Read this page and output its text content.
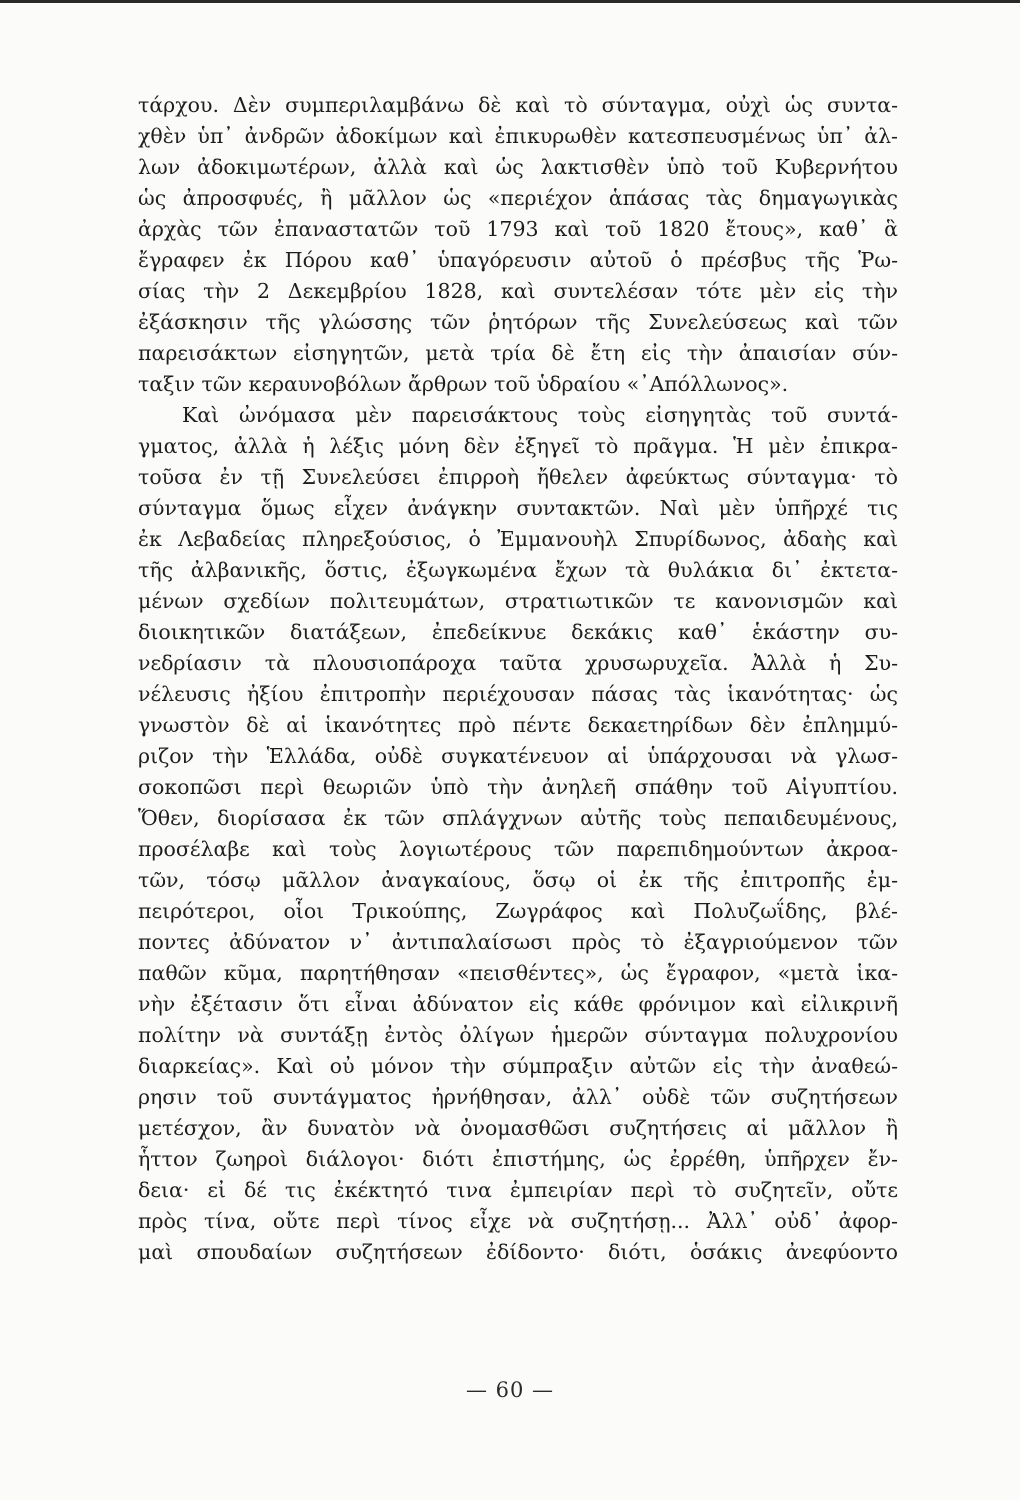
τάρχου. Δὲν συμπεριλαμβάνω δὲ καὶ τὸ σύνταγμα, οὐχὶ ὡς συντα-
χθὲν ὑπ᾿ ἀνδρῶν ἀδοκίμων καὶ ἐπικυρωθὲν κατεσπευσμένως ὑπ᾿ ἀλ-
λων ἀδοκιμωτέρων, ἀλλὰ καὶ ὡς λακτισθὲν ὑπὸ τοῦ Κυβερνήτου
ὡς ἀπροσφυές, ἢ μᾶλλον ὡς «περιέχον ἁπάσας τὰς δημαγωγικὰς
ἀρχὰς τῶν ἐπαναστατῶν τοῦ 1793 καὶ τοῦ 1820 ἔτους», καθ᾿ ἃ
ἔγραφεν ἐκ Πόρου καθ᾿ ὑπαγόρευσιν αὐτοῦ ὁ πρέσβυς τῆς Ῥω-
σίας τὴν 2 Δεκεμβρίου 1828, καὶ συντελέσαν τότε μὲν εἰς τὴν
ἐξάσκησιν τῆς γλώσσης τῶν ῥητόρων τῆς Συνελεύσεως καὶ τῶν
παρεισάκτων εἰσηγητῶν, μετὰ τρία δὲ ἔτη εἰς τὴν ἀπαισίαν σύν-
ταξιν τῶν κεραυνοβόλων ἄρθρων τοῦ ὑδραίου «᾿Απόλλωνος».
Καὶ ὠνόμασα μὲν παρεισάκτους τοὺς εἰσηγητὰς τοῦ συντά-
γματος, ἀλλὰ ἡ λέξις μόνη δὲν ἐξηγεῖ τὸ πρᾶγμα. Ἡ μὲν ἐπικρα-
τοῦσα ἐν τῇ Συνελεύσει ἐπιρροὴ ἤθελεν ἀφεύκτως σύνταγμα· τὸ
σύνταγμα ὅμως εἶχεν ἀνάγκην συντακτῶν. Ναὶ μὲν ὑπῆρχέ τις
ἐκ Λεβαδείας πληρεξούσιος, ὁ Ἐμμανουὴλ Σπυρίδωνος, ἀδαὴς καὶ
τῆς ἀλβανικῆς, ὅστις, ἐξωγκωμένα ἔχων τὰ θυλάκια δι᾿ ἐκτετα-
μένων σχεδίων πολιτευμάτων, στρατιωτικῶν τε κανονισμῶν καὶ
διοικητικῶν διατάξεων, ἐπεδείκνυε δεκάκις καθ᾿ ἑκάστην συ-
νεδρίασιν τὰ πλουσιοπάροχα ταῦτα χρυσωρυχεῖα. Ἀλλὰ ἡ Συ-
νέλευσις ἠξίου ἐπιτροπὴν περιέχουσαν πάσας τὰς ἱκανότητας· ὡς
γνωστὸν δὲ αἱ ἱκανότητες πρὸ πέντε δεκαετηρίδων δὲν ἐπλημμύ-
ριζον τὴν Ἑλλάδα, οὐδὲ συγκατένευον αἱ ὑπάρχουσαι νὰ γλωσ-
σοκοπῶσι περὶ θεωριῶν ὑπὸ τὴν ἀνηλεῆ σπάθην τοῦ Αἰγυπτίου.
Ὅθεν, διορίσασα ἐκ τῶν σπλάγχνων αὐτῆς τοὺς πεπαιδευμένους,
προσέλαβε καὶ τοὺς λογιωτέρους τῶν παρεπιδημούντων ἀκροα-
τῶν, τόσῳ μᾶλλον ἀναγκαίους, ὅσῳ οἱ ἐκ τῆς ἐπιτροπῆς ἐμ-
πειρότεροι, οἷοι Τρικούπης, Ζωγράφος καὶ Πολυζωΐδης, βλέ-
ποντες ἀδύνατον ν᾿ ἀντιπαλαίσωσι πρὸς τὸ ἐξαγριούμενον τῶν
παθῶν κῦμα, παρητήθησαν «πεισθέντες», ὡς ἔγραφον, «μετὰ ἱκα-
νὴν ἐξέτασιν ὅτι εἶναι ἀδύνατον εἰς κάθε φρόνιμον καὶ εἰλικρινῆ
πολίτην νὰ συντάξῃ ἐντὸς ὀλίγων ἡμερῶν σύνταγμα πολυχρονίου
διαρκείας». Καὶ οὐ μόνον τὴν σύμπραξιν αὐτῶν εἰς τὴν ἀναθεώ-
ρησιν τοῦ συντάγματος ἠρνήθησαν, ἀλλ᾿ οὐδὲ τῶν συζητήσεων
μετέσχον, ἂν δυνατὸν νὰ ὀνομασθῶσι συζητήσεις αἱ μᾶλλον ἢ
ἧττον ζωηροὶ διάλογοι· διότι ἐπιστήμης, ὡς ἐρρέθη, ὑπῆρχεν ἔν-
δεια· εἰ δέ τις ἐκέκτητό τινα ἐμπειρίαν περὶ τὸ συζητεῖν, οὔτε
πρὸς τίνα, οὔτε περὶ τίνος εἶχε νὰ συζητήσῃ... Ἀλλ᾿ οὐδ᾿ ἀφορ-
μαὶ σπουδαίων συζητήσεων ἐδίδοντο· διότι, ὁσάκις ἀνεφύοντο
— 60 —
